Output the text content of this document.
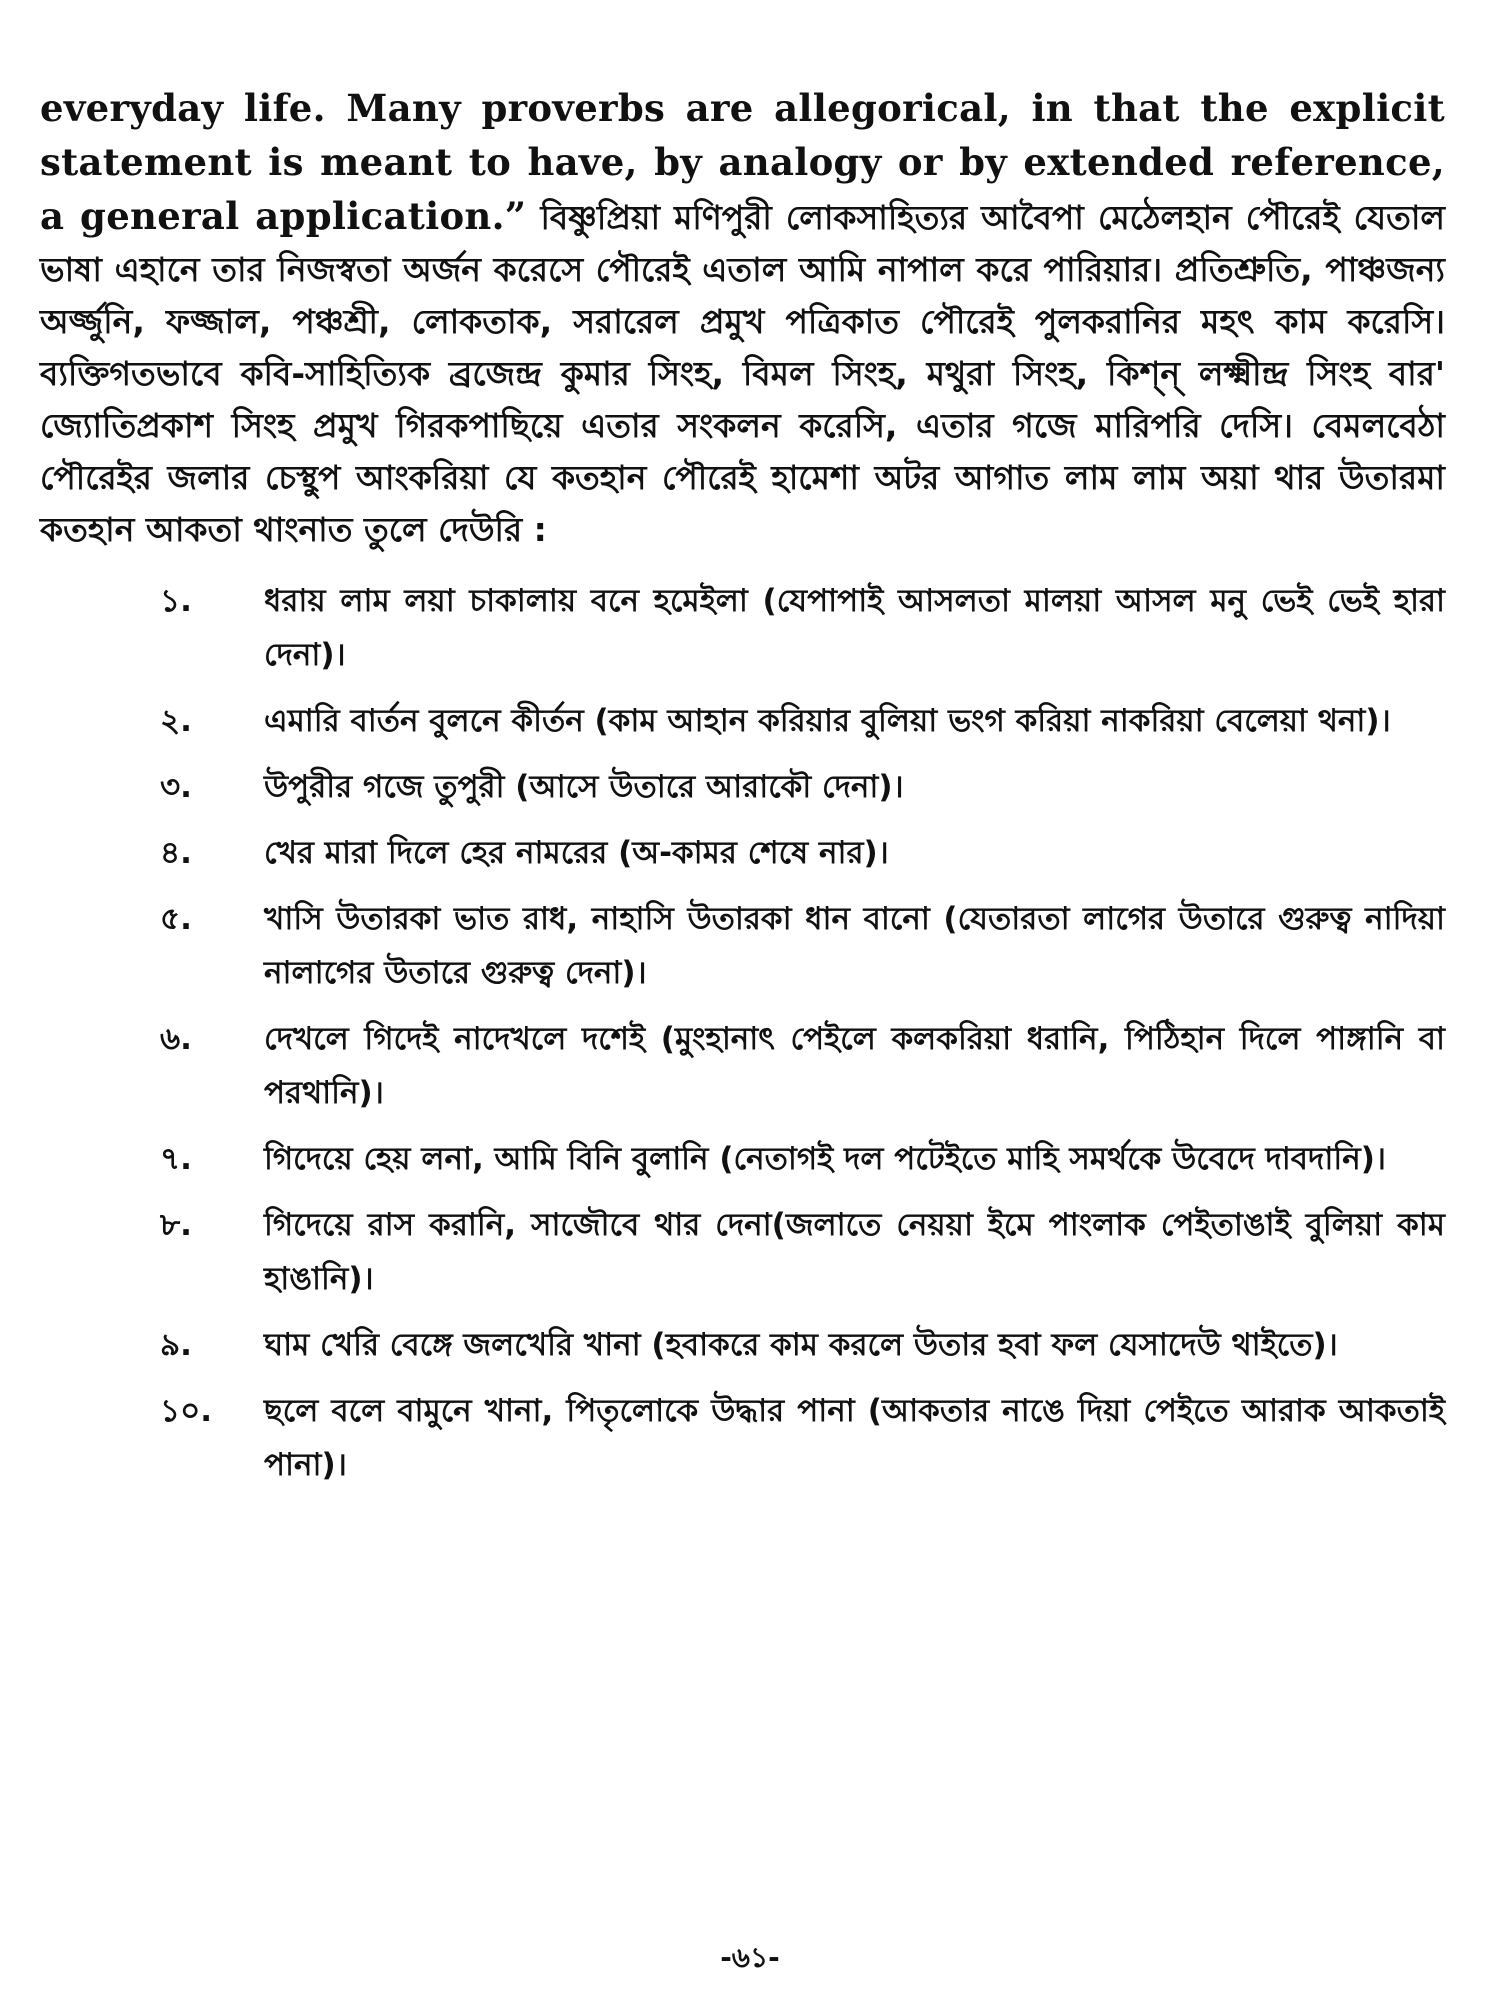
everyday life. Many proverbs are allegorical, in that the explicit statement is meant to have, by analogy or by extended reference, a general application.” বিষ্ণুপ্রিয়া মণিপুরী লোকসাহিত্যর আবৈপা মেঠেলহান পৌরেই যেতাল ভাষা এহানে তার নিজস্বতা অর্জন করেসে পৌরেই এতাল আমি নাপাল করে পারিয়ার। প্রতিশ্রুতি, পাঞ্চজন্য অর্জ্জুনি, ফজ্জাল, পঞ্চশ্রী, লোকতাক, সরারেল প্রমুখ পত্রিকাত পৌরেই পুলকরানির মহৎ কাম করেসি। ব্যক্তিগতভাবে কবি-সাহিত্যিক ব্রজেন্দ্র কুমার সিংহ, বিমল সিংহ, মথুরা সিংহ, কিশ্‌ন্ লক্ষ্মীন্দ্র সিংহ বার' জ্যোতিপ্রকাশ সিংহ প্রমুখ গিরকপাছিয়ে এতার সংকলন করেসি, এতার গজে মারিপরি দেসি। বেমলবেঠা পৌরেইর জলার চেস্থুপ আংকরিয়া যে কতহান পৌরেই হামেশা অটর আগাত লাম লাম অয়া থার উতারমা কতহান আকতা থাংনাত তুলে দেউরি :

১.	ধরায় লাম লয়া চাকালায় বনে হমেইলা (যেপাপাই আসলতা মালয়া আসল মনু ভেই ভেই হারা দেনা)।
২.	এমারি বার্তন বুলনে কীর্তন (কাম আহান করিয়ার বুলিয়া ভংগ করিয়া নাকরিয়া বেলেয়া থনা)।
৩.	উপুরীর গজে তুপুরী (আসে উতারে আরাকৌ দেনা)।
৪.	খের মারা দিলে হের নামরের (অ-কামর শেষে নার)।
৫.	খাসি উতারকা ভাত রাধ, নাহাসি উতারকা ধান বানো (যেতারতা লাগের উতারে গুরুত্ব নাদিয়া নালাগের উতারে গুরুত্ব দেনা)।
৬.	দেখলে গিদেই নাদেখলে দশেই (মুংহানাৎ পেইলে কলকরিয়া ধরানি, পিঠিহান দিলে পাঙ্গানি বা পরথানি)।
৭.	গিদেয়ে হেয় লনা, আমি বিনি বুলানি (নেতাগই দল পটেইতে মাহি সমর্থকে উবেদে দাবদানি)।
৮.	গিদেয়ে রাস করানি, সাজৌবে থার দেনা(জলাতে নেয়য়া ইমে পাংলাক পেইতাঙাই বুলিয়া কাম হাঙানি)।
৯.	ঘাম খেরি বেঙ্গে জলখেরি খানা (হবাকরে কাম করলে উতার হবা ফল যেসাদেউ থাইতে)।
১০.	ছলে বলে বামুনে খানা, পিতৃলোকে উদ্ধার পানা (আকতার নাঙে দিয়া পেইতে আরাক আকতাই পানা)।
-৬১-
